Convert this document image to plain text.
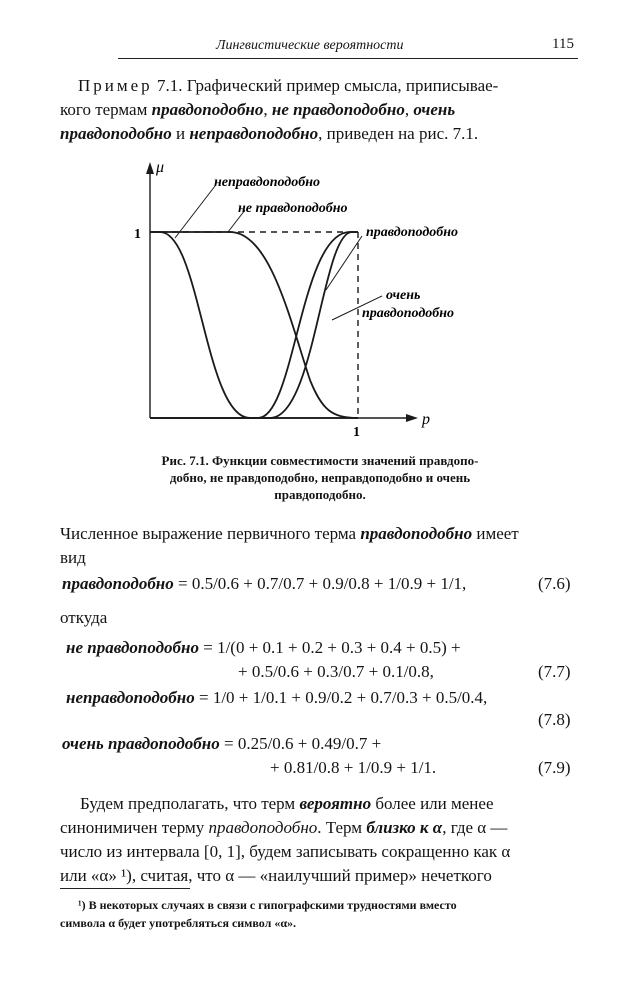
Лингвистические вероятности	115
Пример 7.1. Графический пример смысла, приписывае-
кого термам правдоподобно, не правдоподобно, очень
правдоподобно и неправдоподобно, приведен на рис. 7.1.
μ
p
1
1
неправдоподобно
не правдоподобно
правдоподобно
очень
правдоподобно
Рис. 7.1. Функции совместимости значений правдопо-
добно, не правдоподобно, неправдоподобно и очень
правдоподобно.
Численное выражение первичного терма правдоподобно имеет
вид
правдоподобно = 0.5/0.6 + 0.7/0.7 + 0.9/0.8 + 1/0.9 + 1/1,	(7.6)
откуда
не правдоподобно = 1/(0 + 0.1 + 0.2 + 0.3 + 0.4 + 0.5) +
+ 0.5/0.6 + 0.3/0.7 + 0.1/0.8,	(7.7)
неправдоподобно = 1/0 + 1/0.1 + 0.9/0.2 + 0.7/0.3 + 0.5/0.4,
(7.8)
очень правдоподобно = 0.25/0.6 + 0.49/0.7 +
+ 0.81/0.8 + 1/0.9 + 1/1.	(7.9)
Будем предполагать, что терм вероятно более или менее
синонимичен терму правдоподобно. Терм близко к α, где α —
число из интервала [0, 1], будем записывать сокращенно как α
или «α» ¹), считая, что α — «наилучший пример» нечеткого
¹) В некоторых случаях в связи с гипографскими трудностями вместо
символа α будет употребляться символ «α».
